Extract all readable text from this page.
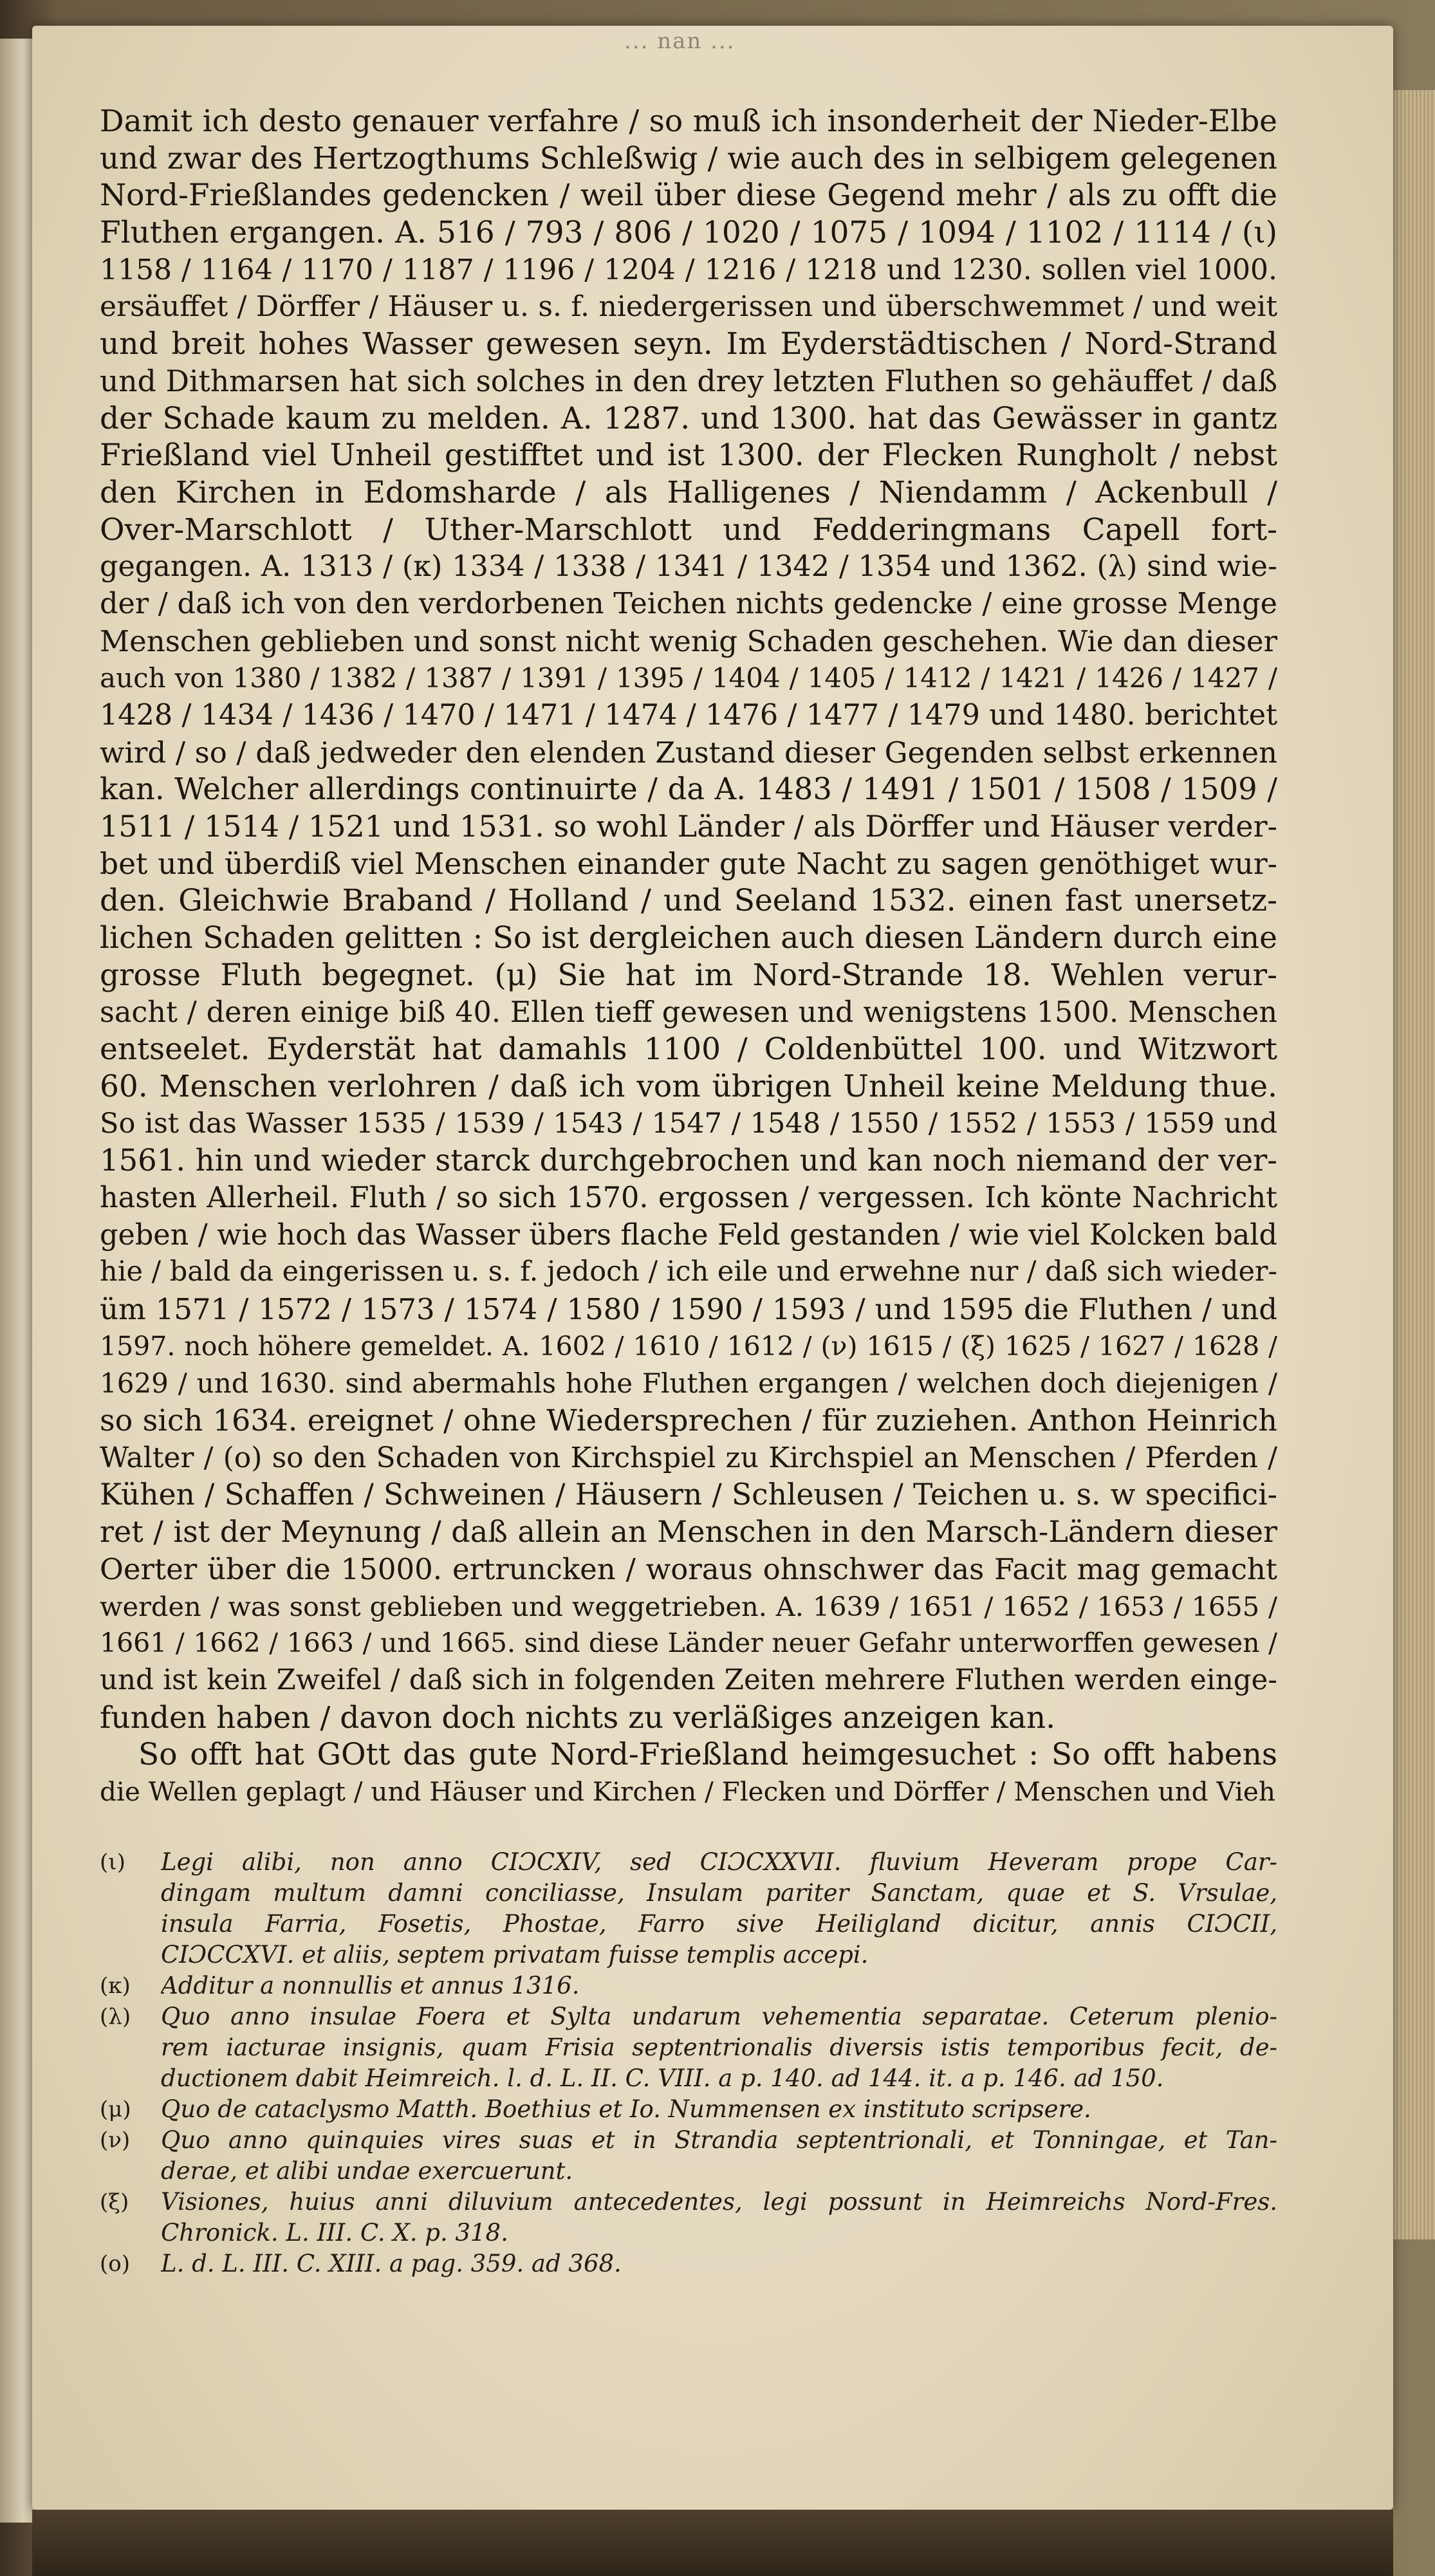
... nan ...
Damit ich desto genauer verfahre / so muß ich insonderheit der Nieder-Elbe
und zwar des Hertzogthums Schleßwig / wie auch des in selbigem gelegenen
Nord-Frießlandes gedencken / weil über diese Gegend mehr / als zu offt die
Fluthen ergangen. A. 516 / 793 / 806 / 1020 / 1075 / 1094 / 1102 / 1114 / (ι)
1158 / 1164 / 1170 / 1187 / 1196 / 1204 / 1216 / 1218 und 1230. sollen viel 1000.
ersäuffet / Dörffer / Häuser u. s. f. niedergerissen und überschwemmet / und weit
und breit hohes Wasser gewesen seyn. Im Eyderstädtischen / Nord-Strand
und Dithmarsen hat sich solches in den drey letzten Fluthen so gehäuffet / daß
der Schade kaum zu melden. A. 1287. und 1300. hat das Gewässer in gantz
Frießland viel Unheil gestifftet und ist 1300. der Flecken Rungholt / nebst
den Kirchen in Edomsharde / als Halligenes / Niendamm / Ackenbull /
Over-Marschlott / Uther-Marschlott und Fedderingmans Capell fort-
gegangen. A. 1313 / (κ) 1334 / 1338 / 1341 / 1342 / 1354 und 1362. (λ) sind wie-
der / daß ich von den verdorbenen Teichen nichts gedencke / eine grosse Menge
Menschen geblieben und sonst nicht wenig Schaden geschehen. Wie dan dieser
auch von 1380 / 1382 / 1387 / 1391 / 1395 / 1404 / 1405 / 1412 / 1421 / 1426 / 1427 /
1428 / 1434 / 1436 / 1470 / 1471 / 1474 / 1476 / 1477 / 1479 und 1480. berichtet
wird / so / daß jedweder den elenden Zustand dieser Gegenden selbst erkennen
kan. Welcher allerdings continuirte / da A. 1483 / 1491 / 1501 / 1508 / 1509 /
1511 / 1514 / 1521 und 1531. so wohl Länder / als Dörffer und Häuser verder-
bet und überdiß viel Menschen einander gute Nacht zu sagen genöthiget wur-
den. Gleichwie Braband / Holland / und Seeland 1532. einen fast unersetz-
lichen Schaden gelitten : So ist dergleichen auch diesen Ländern durch eine
grosse Fluth begegnet. (μ) Sie hat im Nord-Strande 18. Wehlen verur-
sacht / deren einige biß 40. Ellen tieff gewesen und wenigstens 1500. Menschen
entseelet. Eyderstät hat damahls 1100 / Coldenbüttel 100. und Witzwort
60. Menschen verlohren / daß ich vom übrigen Unheil keine Meldung thue.
So ist das Wasser 1535 / 1539 / 1543 / 1547 / 1548 / 1550 / 1552 / 1553 / 1559 und
1561. hin und wieder starck durchgebrochen und kan noch niemand der ver-
hasten Allerheil. Fluth / so sich 1570. ergossen / vergessen. Ich könte Nachricht
geben / wie hoch das Wasser übers flache Feld gestanden / wie viel Kolcken bald
hie / bald da eingerissen u. s. f. jedoch / ich eile und erwehne nur / daß sich wieder-
üm 1571 / 1572 / 1573 / 1574 / 1580 / 1590 / 1593 / und 1595 die Fluthen / und
1597. noch höhere gemeldet. A. 1602 / 1610 / 1612 / (ν) 1615 / (ξ) 1625 / 1627 / 1628 /
1629 / und 1630. sind abermahls hohe Fluthen ergangen / welchen doch diejenigen /
so sich 1634. ereignet / ohne Wiedersprechen / für zuziehen. Anthon Heinrich
Walter / (ο) so den Schaden von Kirchspiel zu Kirchspiel an Menschen / Pferden /
Kühen / Schaffen / Schweinen / Häusern / Schleusen / Teichen u. s. w specifici-
ret / ist der Meynung / daß allein an Menschen in den Marsch-Ländern dieser
Oerter über die 15000. ertruncken / woraus ohnschwer das Facit mag gemacht
werden / was sonst geblieben und weggetrieben. A. 1639 / 1651 / 1652 / 1653 / 1655 /
1661 / 1662 / 1663 / und 1665. sind diese Länder neuer Gefahr unterworffen gewesen /
und ist kein Zweifel / daß sich in folgenden Zeiten mehrere Fluthen werden einge-
funden haben / davon doch nichts zu verläßiges anzeigen kan.
So offt hat GOtt das gute Nord-Frießland heimgesuchet : So offt habens
die Wellen geplagt / und Häuser und Kirchen / Flecken und Dörffer / Menschen und Vieh
(ι)	Legi alibi, non anno CIƆCXIV, sed CIƆCXXVII. fluvium Heveram prope Car-
dingam multum damni conciliasse, Insulam pariter Sanctam, quae et S. Vrsulae,
insula Farria, Fosetis, Phostae, Farro sive Heiligland dicitur, annis CIƆCII,
CIƆCCXVI. et aliis, septem privatam fuisse templis accepi.
(κ)	Additur a nonnullis et annus 1316.
(λ)	Quo anno insulae Foera et Sylta undarum vehementia separatae. Ceterum plenio-
rem iacturae insignis, quam Frisia septentrionalis diversis istis temporibus fecit, de-
ductionem dabit Heimreich. l. d. L. II. C. VIII. a p. 140. ad 144. it. a p. 146. ad 150.
(μ)	Quo de cataclysmo Matth. Boethius et Io. Nummensen ex instituto scripsere.
(ν)	Quo anno quinquies vires suas et in Strandia septentrionali, et Tonningae, et Tan-
derae, et alibi undae exercuerunt.
(ξ)	Visiones, huius anni diluvium antecedentes, legi possunt in Heimreichs Nord-Fres.
Chronick. L. III. C. X. p. 318.
(ο)	L. d. L. III. C. XIII. a pag. 359. ad 368.
